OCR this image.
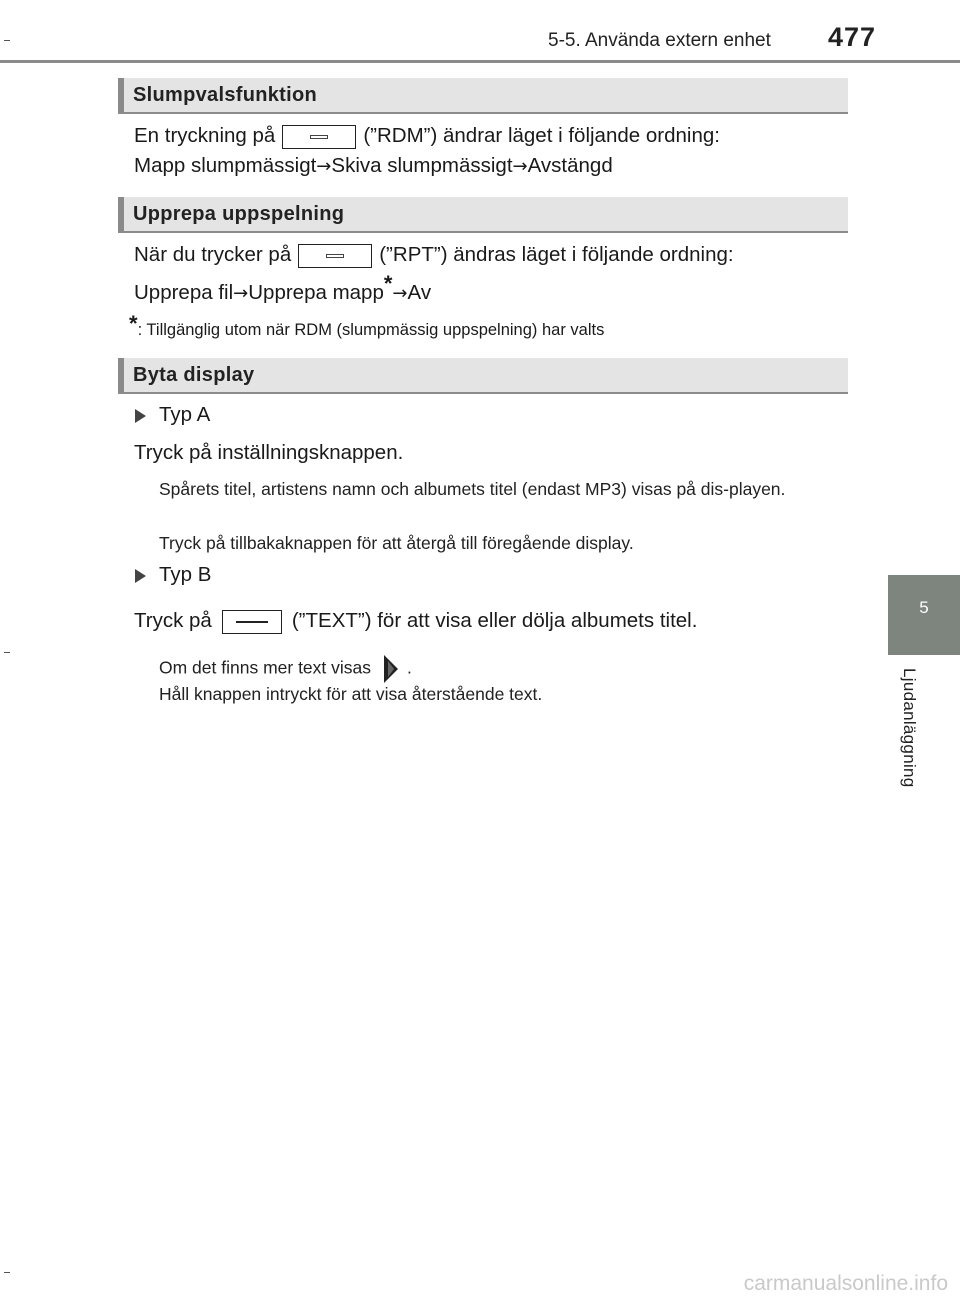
5-5. Använda extern enhet 477
5
Ljudanläggning
Slumpvalsfunktion
En tryckning på	(”RDM”) ändrar läget i följande ordning:
Mapp slumpmässigt→Skiva slumpmässigt→Avstängd
Upprepa uppspelning
När du trycker på	(”RPT”) ändras läget i följande ordning:
Upprepa fil→Upprepa mapp*→Av
*: Tillgänglig utom när RDM (slumpmässig uppspelning) har valts
Byta display
Typ A
Tryck på inställningsknappen.
Spårets titel, artistens namn och albumets titel (endast MP3) visas på dis-playen.
Tryck på tillbakaknappen för att återgå till föregående display.
Typ B
Tryck på	(”TEXT”) för att visa eller dölja albumets titel.
Om det finns mer text visas .
Håll knappen intryckt för att visa återstående text.
carmanualsonline.info
